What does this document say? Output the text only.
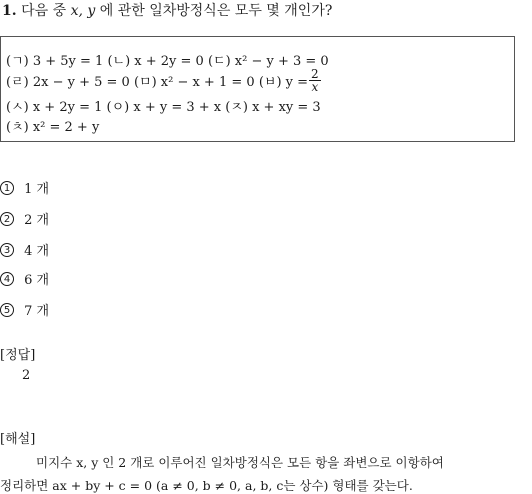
1. 다음 중 x, y 에 관한 일차방정식은 모두 몇 개인가?
(ㄱ) 3 + 5y = 1 (ㄴ) x + 2y = 0 (ㄷ) x² − y + 3 = 0
(ㄹ) 2x − y + 5 = 0
(ㅁ) x² − x + 1 = 0
(ㅂ) $y = \frac{2}{x}$
(ㅅ) x + 2y = 1 (ㅇ) x + y = 3 + x (ㅈ) x + xy = 3
(ㅊ) x² = 2 + y
1 1 개
2 2 개
3 4 개
4 6 개
5 7 개
[정답]
2
[해설]
미지수 x, y 인 2 개로 이루어진 일차방정식은 모든 항을 좌변으로 이항하여
정리하면 ax + by + c = 0 (a ≠ 0, b ≠ 0, a, b, c는 상수) 형태를 갖는다.
